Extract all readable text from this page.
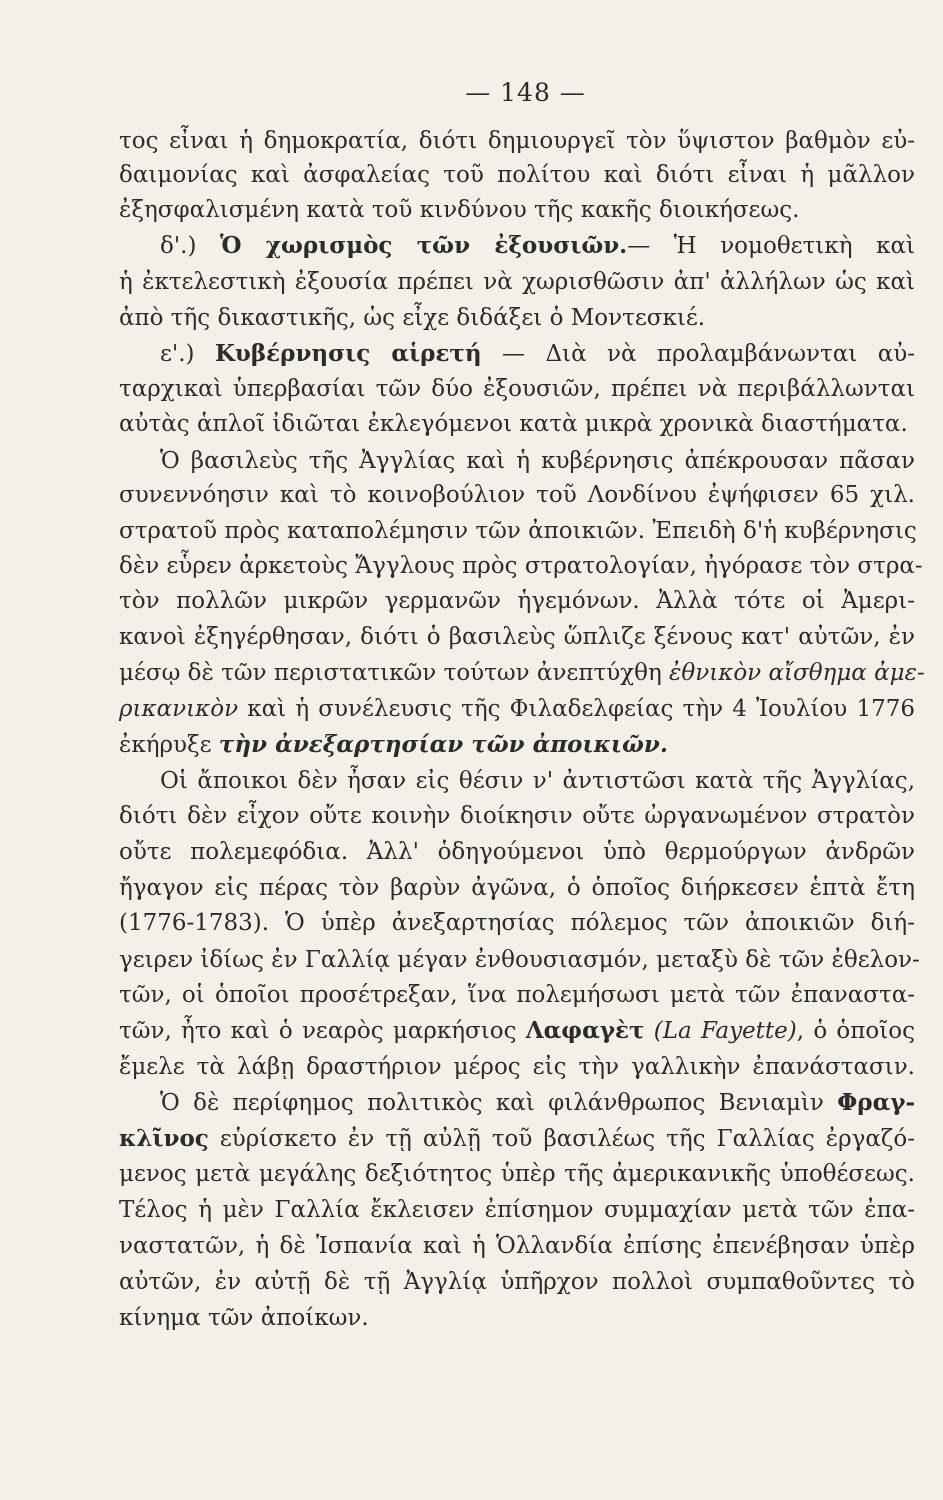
— 148 —
τος εἶναι ἡ δημοκρατία, διότι δημιουργεῖ τὸν ὕψιστον βαθμὸν εὐ-
δαιμονίας καὶ ἀσφαλείας τοῦ πολίτου καὶ διότι εἶναι ἡ μᾶλλον
ἐξησφαλισμένη κατὰ τοῦ κινδύνου τῆς κακῆς διοικήσεως.
δ'.) Ὁ χωρισμὸς τῶν ἐξουσιῶν.— Ἡ νομοθετικὴ καὶ
ἡ ἐκτελεστικὴ ἐξουσία πρέπει νὰ χωρισθῶσιν ἀπ' ἀλλήλων ὡς καὶ
ἀπὸ τῆς δικαστικῆς, ὡς εἶχε διδάξει ὁ Μοντεσκιέ.
ε'.) Κυβέρνησις αἱρετή — Διὰ νὰ προλαμβάνωνται αὐ-
ταρχικαὶ ὑπερβασίαι τῶν δύο ἐξουσιῶν, πρέπει νὰ περιβάλλωνται
αὐτὰς ἁπλοῖ ἰδιῶται ἐκλεγόμενοι κατὰ μικρὰ χρονικὰ διαστήματα.
Ὁ βασιλεὺς τῆς Ἀγγλίας καὶ ἡ κυβέρνησις ἀπέκρουσαν πᾶσαν
συνεννόησιν καὶ τὸ κοινοβούλιον τοῦ Λονδίνου ἐψήφισεν 65 χιλ.
στρατοῦ πρὸς καταπολέμησιν τῶν ἀποικιῶν. Ἐπειδὴ δ'ἡ κυβέρνησις
δὲν εὗρεν ἀρκετοὺς Ἄγγλους πρὸς στρατολογίαν, ἠγόρασε τὸν στρα-
τὸν πολλῶν μικρῶν γερμανῶν ἡγεμόνων. Ἀλλὰ τότε οἱ Ἀμερι-
κανοὶ ἐξηγέρθησαν, διότι ὁ βασιλεὺς ὥπλιζε ξένους κατ' αὐτῶν, ἐν
μέσῳ δὲ τῶν περιστατικῶν τούτων ἀνεπτύχθη ἐθνικὸν αἴσθημα ἀμε-
ρικανικὸν καὶ ἡ συνέλευσις τῆς Φιλαδελφείας τὴν 4 Ἰουλίου 1776
ἐκήρυξε τὴν ἀνεξαρτησίαν τῶν ἀποικιῶν.
Οἱ ἄποικοι δὲν ἦσαν εἰς θέσιν ν' ἀντιστῶσι κατὰ τῆς Ἀγγλίας,
διότι δὲν εἶχον οὔτε κοινὴν διοίκησιν οὔτε ὠργανωμένον στρατὸν
οὔτε πολεμεφόδια. Ἀλλ' ὁδηγούμενοι ὑπὸ θερμούργων ἀνδρῶν
ἤγαγον εἰς πέρας τὸν βαρὺν ἀγῶνα, ὁ ὁποῖος διήρκεσεν ἑπτὰ ἔτη
(1776-1783). Ὁ ὑπὲρ ἀνεξαρτησίας πόλεμος τῶν ἀποικιῶν διή-
γειρεν ἰδίως ἐν Γαλλίᾳ μέγαν ἐνθουσιασμόν, μεταξὺ δὲ τῶν ἐθελον-
τῶν, οἱ ὁποῖοι προσέτρεξαν, ἵνα πολεμήσωσι μετὰ τῶν ἐπαναστα-
τῶν, ἦτο καὶ ὁ νεαρὸς μαρκήσιος Λαφαγὲτ (La Fayette), ὁ ὁποῖος
ἔμελε τὰ λάβῃ δραστήριον μέρος εἰς τὴν γαλλικὴν ἐπανάστασιν.
Ὁ δὲ περίφημος πολιτικὸς καὶ φιλάνθρωπος Βενιαμὶν Φραγ-
κλῖνος εὑρίσκετο ἐν τῇ αὐλῇ τοῦ βασιλέως τῆς Γαλλίας ἐργαζό-
μενος μετὰ μεγάλης δεξιότητος ὑπὲρ τῆς ἀμερικανικῆς ὑποθέσεως.
Τέλος ἡ μὲν Γαλλία ἔκλεισεν ἐπίσημον συμμαχίαν μετὰ τῶν ἐπα-
ναστατῶν, ἡ δὲ Ἱσπανία καὶ ἡ Ὁλλανδία ἐπίσης ἐπενέβησαν ὑπὲρ
αὐτῶν, ἐν αὐτῇ δὲ τῇ Ἀγγλίᾳ ὑπῆρχον πολλοὶ συμπαθοῦντες τὸ
κίνημα τῶν ἀποίκων.
